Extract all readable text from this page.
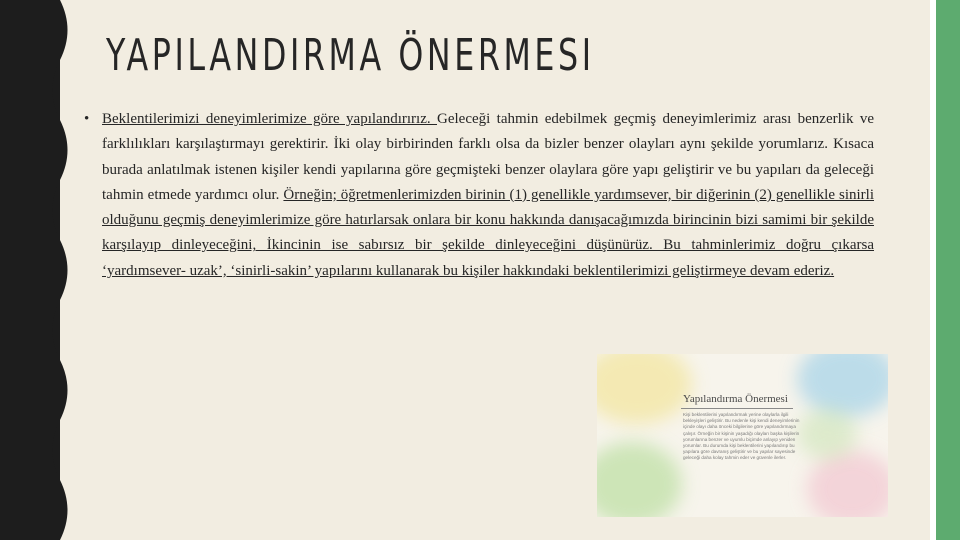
YAPILANDIRMA ÖNERMESI
• Beklentilerimizi deneyimlerimize göre yapılandırırız. Geleceği tahmin edebilmek geçmiş deneyimlerimiz arası benzerlik ve farklılıkları karşılaştırmayı gerektirir. İki olay birbirinden farklı olsa da bizler benzer olayları aynı şekilde yorumlarız. Kısaca burada anlatılmak istenen kişiler kendi yapılarına göre geçmişteki benzer olaylara göre yapı geliştirir ve bu yapıları da geleceği tahmin etmede yardımcı olur. Örneğin; öğretmenlerimizden birinin (1) genellikle yardımsever, bir diğerinin (2) genellikle sinirli olduğunu geçmiş deneyimlerimize göre hatırlarsak onlara bir konu hakkında danışacağımızda birincinin bizi samimi bir şekilde karşılayıp dinleyeceğini, İkincinin ise sabırsız bir şekilde dinleyeceğini düşünürüz. Bu tahminlerimiz doğru çıkarsa ‘yardımsever- uzak’, ‘sinirli-sakin’ yapılarını kullanarak bu kişiler hakkındaki beklentilerimizi geliştirmeye devam ederiz.

Yapılandırma Önermesi
Kişi beklentilerini yapılandırmak yerine olaylarla ilgili bekleyişleri geliştirir. Bu nedenle kişi kendi deneyimlerinin içinde olayı daha önceki bilgilerine göre yapılandırmaya çalışır. Örneğin bir kişinin yaşadığı olayları başka kişilerin yorumlarına benzer ve uyumlu biçimde anlayıp yeniden yorumlar. Bu durumda kişi beklentilerini yapılandırıp bu yapılara göre davranış geliştirir ve bu yapılar sayesinde geleceği daha kolay tahmin eder ve güvenle ilerler.
